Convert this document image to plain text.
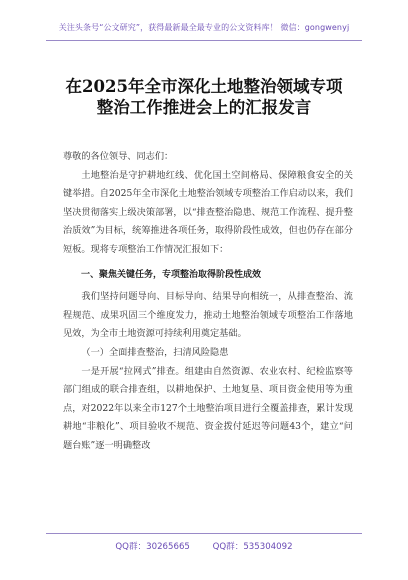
关注头条号“公文研究”，获得最新最全最专业的公文资料库！ 微信：gongwenyj
在2025年全市深化土地整治领域专项
整治工作推进会上的汇报发言

尊敬的各位领导、同志们：

土地整治是守护耕地红线、优化国土空间格局、保障粮食安全的关键举措。自2025年全市深化土地整治领域专项整治工作启动以来，我们坚决贯彻落实上级决策部署，以“排查整治隐患、规范工作流程、提升整治质效”为目标，统筹推进各项任务，取得阶段性成效，但也仍存在部分短板。现将专项整治工作情况汇报如下：

一、聚焦关键任务，专项整治取得阶段性成效

我们坚持问题导向、目标导向、结果导向相统一，从排查整治、流程规范、成果巩固三个维度发力，推动土地整治领域专项整治工作落地见效，为全市土地资源可持续利用奠定基础。

（一）全面排查整治，扫清风险隐患

一是开展“拉网式”排查。组建由自然资源、农业农村、纪检监察等部门组成的联合排查组，以耕地保护、土地复垦、项目资金使用等为重点，对2022年以来全市127个土地整治项目进行全覆盖排查，累计发现耕地“非粮化”、项目验收不规范、资金拨付延迟等问题43个，建立“问题台账”逐一明确整改

QQ群：30265665	QQ群：535304092
